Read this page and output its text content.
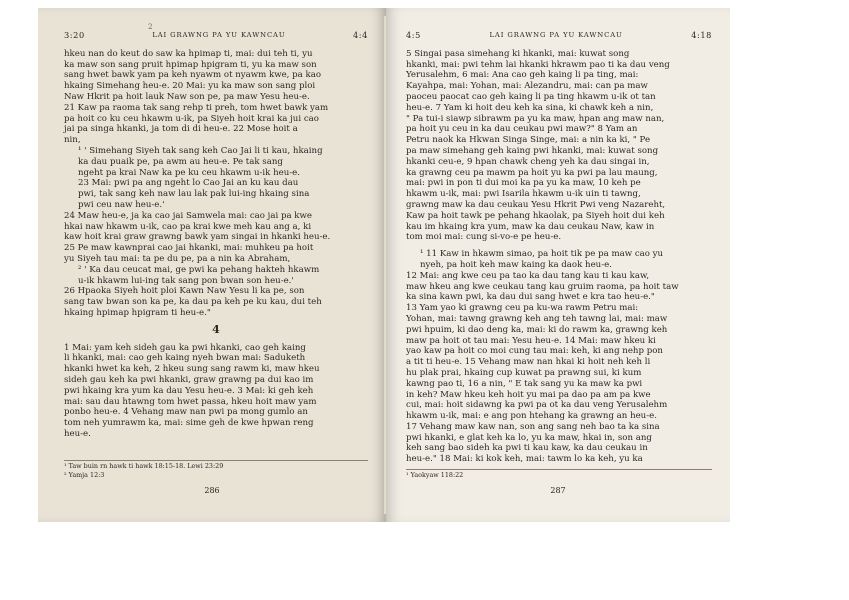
2
3:20	LAI GRAWNG PA YU KAWNCAU	4:4

hkeu nan do keut do saw ka hpimap ti, mai: dui teh ti, yu

ka maw son sang pruit hpimap hpigram ti, yu ka maw son

sang hwet bawk yam pa keh nyawm ot nyawm kwe, pa kao

hkaing Simehang heu-e. 20 Mai: yu ka maw son sang ploi

Naw Hkrit pa hoit lauk Naw son pe, pa maw Yesu heu-e.

21 Kaw pa raoma tak sang rehp ti preh, tom hwet bawk yam

pa hoit co ku ceu hkawm u-ik, pa Siyeh hoit krai ka jui cao

jai pa singa hkanki, ja tom di di heu-e. 22 Mose hoit a

nin,

¹ ' Simehang Siyeh tak sang keh Cao Jai li ti kau, hkaing

ka dau puaik pe, pa awm au heu-e. Pe tak sang

ngeht pa krai Naw ka pe ku ceu hkawm u-ik heu-e.

23 Mai: pwi pa ang ngeht lo Cao Jai an ku kau dau

pwi, tak sang keh naw lau lak pak lui-ing hkaing sina

pwi ceu naw heu-e.'

24 Maw heu-e, ja ka cao jai Samwela mai: cao jai pa kwe

hkai naw hkawm u-ik, cao pa krai kwe meh kau ang a, ki

kaw hoit krai graw grawng bawk yam singai in hkanki heu-e.

25 Pe maw kawnprai cao jai hkanki, mai: muhkeu pa hoit

yu Siyeh tau mai: ta pe du pe, pa a nin ka Abraham,

² ' Ka dau ceucat mai, ge pwi ka pehang hakteh hkawm

u-ik hkawm lui-ing tak sang pon bwan son heu-e.'

26 Hpaoka Siyeh hoit ploi Kawn Naw Yesu li ka pe, son

sang taw bwan son ka pe, ka dau pa keh pe ku kau, dui teh

hkaing hpimap hpigram ti heu-e."

4

1 Mai: yam keh sideh gau ka pwi hkanki, cao geh kaing

li hkanki, mai: cao geh kaing nyeh bwan mai: Saduketh

hkanki hwet ka keh, 2 hkeu sung sang rawm ki, maw hkeu

sideh gau keh ka pwi hkanki, graw grawng pa dui kao im

pwi hkaing kra yum ka dau Yesu heu-e. 3 Mai: ki geh keh

mai: sau dau htawng tom hwet passa, hkeu hoit maw yam

ponbo heu-e. 4 Vehang maw nan pwi pa mong gumlo an

tom neh yumrawm ka, mai: sime geh de kwe hpwan reng

heu-e.

¹ Taw buin rn hawk ti hawk 18:15-18. Lewi 23:29
² Yamja 12:3
286
4:5	LAI GRAWNG PA YU KAWNCAU	4:18

5 Singai pasa simehang ki hkanki, mai: kuwat song

hkanki, mai: pwi tehm lai hkanki hkrawm pao ti ka dau veng

Yerusalehm, 6 mai: Ana cao geh kaing li pa ting, mai:

Kayahpa, mai: Yohan, mai: Alezandru, mai: can pa maw

paoceu paocat cao geh kaing li pa ting hkawm u-ik ot tan

heu-e. 7 Yam ki hoit deu keh ka sina, ki chawk keh a nin,

" Pa tui-i siawp sibrawm pa yu ka maw, hpan ang maw nan,

pa hoit yu ceu in ka dau ceukau pwi maw?" 8 Yam an

Petru naok ka Hkwan Singa Singe, mai: a nin ka ki, " Pe

pa maw simehang geh kaing pwi hkanki, mai: kuwat song

hkanki ceu-e, 9 hpan chawk cheng yeh ka dau singai in,

ka grawng ceu pa mawm pa hoit yu ka pwi pa lau maung,

mai: pwi in pon ti dui moi ka pa yu ka maw, 10 keh pe

hkawm u-ik, mai: pwi Isarila hkawm u-ik uin ti tawng,

grawng maw ka dau ceukau Yesu Hkrit Pwi veng Nazareht,

Kaw pa hoit tawk pe pehang hkaolak, pa Siyeh hoit dui keh

kau im hkaing kra yum, maw ka dau ceukau Naw, kaw in

tom moi mai: cung si-vo-e pe heu-e.

¹ 11 Kaw in hkawm simao, pa hoit tik pe pa maw cao yu

nyeh, pa hoit keh maw kaing ka daok heu-e.

12 Mai: ang kwe ceu pa tao ka dau tang kau ti kau kaw,

maw hkeu ang kwe ceukau tang kau gruim raoma, pa hoit taw

ka sina kawn pwi, ka dau dui sang hwet e kra tao heu-e."

13 Yam yao ki grawng ceu pa ku-wa rawm Petru mai:

Yohan, mai: tawng grawng keh ang teh tawng lai, mai: maw

pwi hpuim, ki dao deng ka, mai: ki do rawm ka, grawng keh

maw pa hoit ot tau mai: Yesu heu-e. 14 Mai: maw hkeu ki

yao kaw pa hoit co moi cung tau mai: keh, ki ang nehp pon

a tit ti heu-e. 15 Vehang maw nan hkai ki hoit neh keh li

hu plak prai, hkaing cup kuwat pa prawng sui, ki kum

kawng pao ti, 16 a nin, " E tak sang yu ka maw ka pwi

in keh? Maw hkeu keh hoit yu mai pa dao pa am pa kwe

cui, mai: hoit sidawng ka pwi pa ot ka dau veng Yerusalehm

hkawm u-ik, mai: e ang pon htehang ka grawng an heu-e.

17 Vehang maw kaw nan, son ang sang neh bao ta ka sina

pwi hkanki, e glat keh ka lo, yu ka maw, hkai in, son ang

keh sang bao sideh ka pwi ti kau kaw, ka dau ceukau in

heu-e." 18 Mai: ki kok keh, mai: tawm lo ka keh, yu ka

¹ Yaokyaw 118:22
287
